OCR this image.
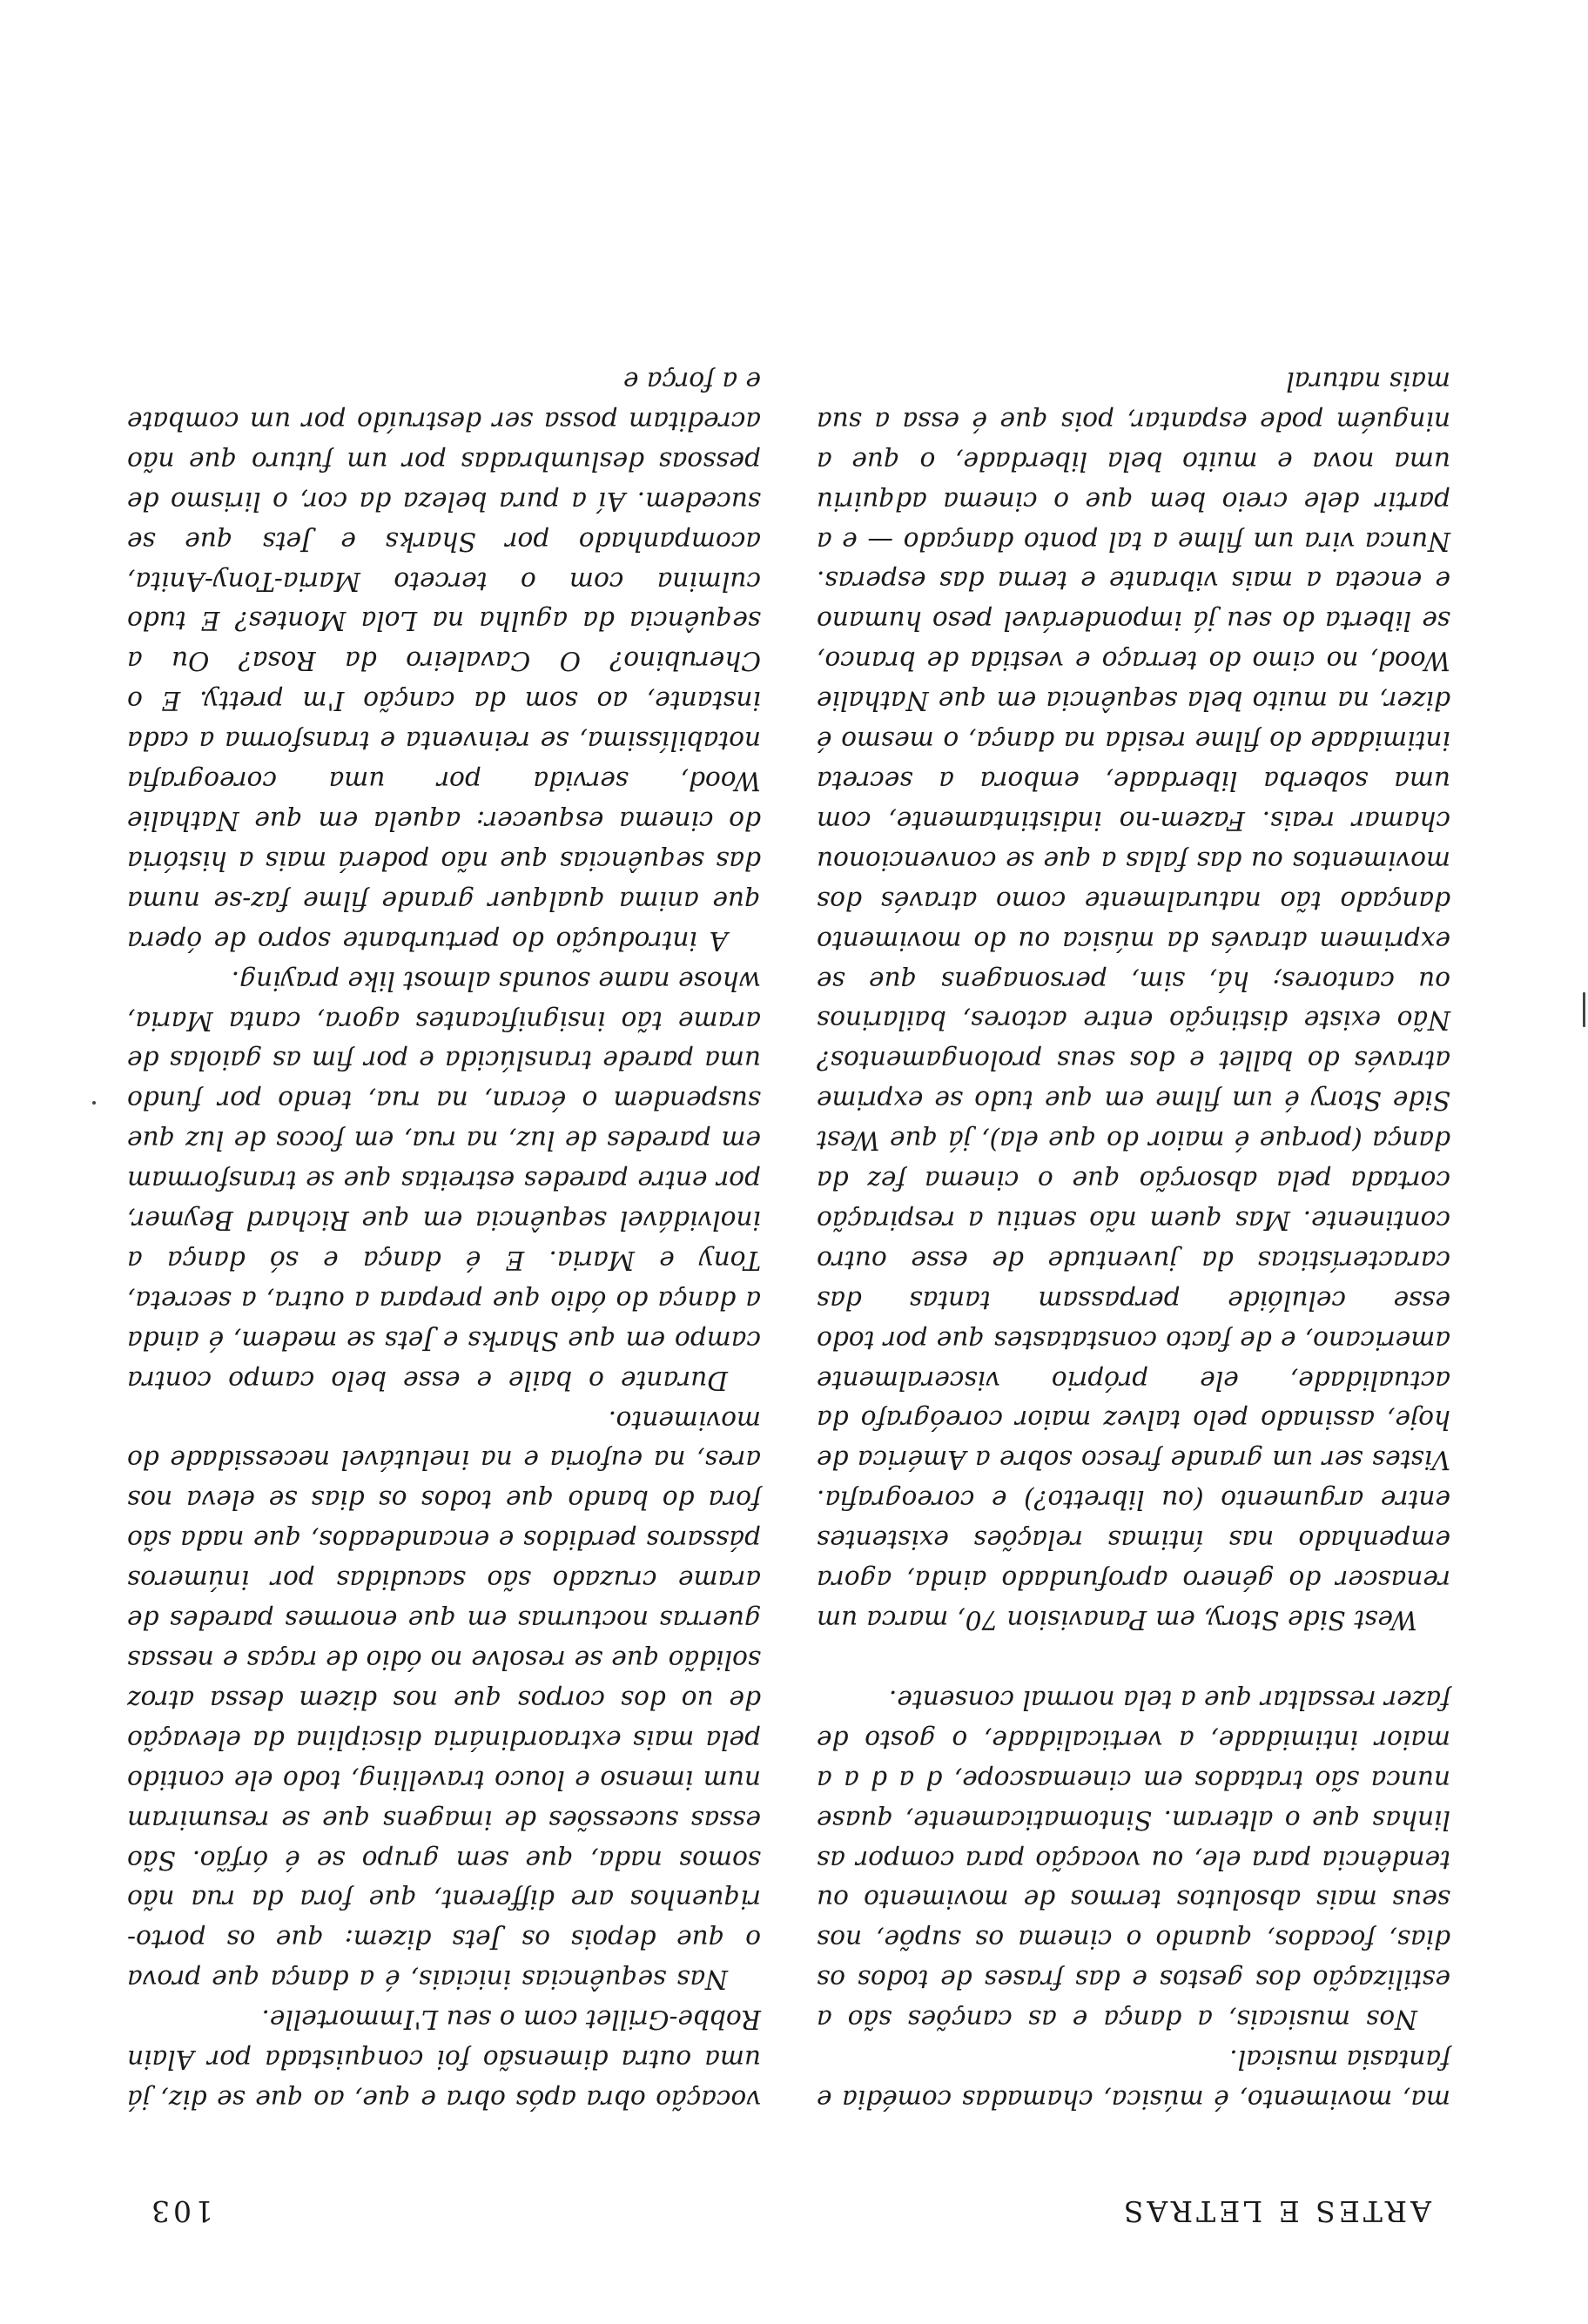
ARTES E LETRAS
103

ma, movimento, é música, chamadas comédia e fantasia musical.

Nos musicais, a dança e as canções são a estilização dos gestos e das frases de todos os dias, focados, quando o cinema os supõe, nos seus mais absolutos termos de movimento ou tendência para ele, ou vocação para compor as linhas que o alteram. Sintomaticamente, quase nunca são tratados em cinemascope, d a d a a maior intimidade, a verticalidade, o gosto de fazer ressaltar que a tela normal consente.

West Side Story, em Panavision 70, marca um renascer do género aprofundado ainda, agora empenhado nas íntimas relações existentes entre argumento (ou libretto?) e coreografia. Vistes ser um grande fresco sobre a América de hoje, assinado pelo talvez maior coreógrafo da actualidade, ele próprio visceralmente americano, e de facto constatastes que por todo esse celulóide perpassam tantas das características da juventude de esse outro continente. Mas quem não sentiu a respiração cortada pela absorção que o cinema fez da dança (porque é maior do que ela), já que West Side Story é um filme em que tudo se exprime através do ballet e dos seus prolongamentos? Não existe distinção entre actores, bailarinos ou cantores; há, sim, personagens que se exprimem através da música ou do movimento dançado tão naturalmente como através dos movimentos ou das falas a que se convencionou chamar reais. Fazem-no indistintamente, com uma soberba liberdade, embora a secreta intimidade do filme resida na dança, o mesmo é dizer, na muito bela sequência em que Nathalie Wood, no cimo do terraço e vestida de branco, se liberta do seu já imponderável peso humano e enceta a mais vibrante e terna das esperas. Nunca vira um filme a tal ponto dançado — e a partir dele creio bem que o cinema adquiriu uma nova e muito bela liberdade, o que a ninguém pode espantar, pois que é essa a sua mais natural

vocação obra após obra e que, ao que se diz, já uma outra dimensão foi conquistada por Alain Robbe-Grillet com o seu L'Immortelle.

Nas sequências iniciais, é a dança que prova o que depois os Jets dizem: que os porto-riquenhos are different, que fora da rua não somos nada, que sem grupo se é órfão. São essas sucessões de imagens que se resumiram num imenso e louco travelling, todo ele contido pela mais extraordinária disciplina da elevação de uo dos corpos que nos dizem dessa atroz solidão que se resolve no ódio de raças e nessas guerras nocturnas em que enormes paredes de arame cruzado são sacudidas por inúmeros pássaros perdidos e encandeados, que nada são fora do bando que todos os dias se eleva nos ares, na euforia e na inelutável necessidade do movimento.

Durante o baile e esse belo campo contra campo em que Sharks e Jets se medem, é ainda a dança do ódio que prepara a outra, a secreta, Tony e Maria. E é dança e só dança a inolvidável sequência em que Richard Beymer, por entre paredes estreitas que se transformam em paredes de luz, na rua, em focos de luz que suspendem o écran, na rua, tendo por fundo uma parede translúcida e por fim as gaiolas de arame tão insignificantes agora, canta Maria, whose name sounds almost like praying.

A introdução do perturbante sopro de ópera que anima qualquer grande filme faz-se numa das sequências que não poderá mais a história do cinema esquecer: aquela em que Nathalie Wood, servida por uma coreografia notabilíssima, se reinventa e transforma a cada instante, ao som da canção I'm pretty. E o Cherubino? O Cavaleiro da Rosa? Ou a sequência da agulha na Lola Montes? E tudo culmina com o terceto Maria-Tony-Anita, acompanhado por Sharks e Jets que se sucedem. Aí a pura beleza da cor, o lirismo de pessoas deslumbradas por um futuro que não acreditam possa ser destruído por um combate e a força e
